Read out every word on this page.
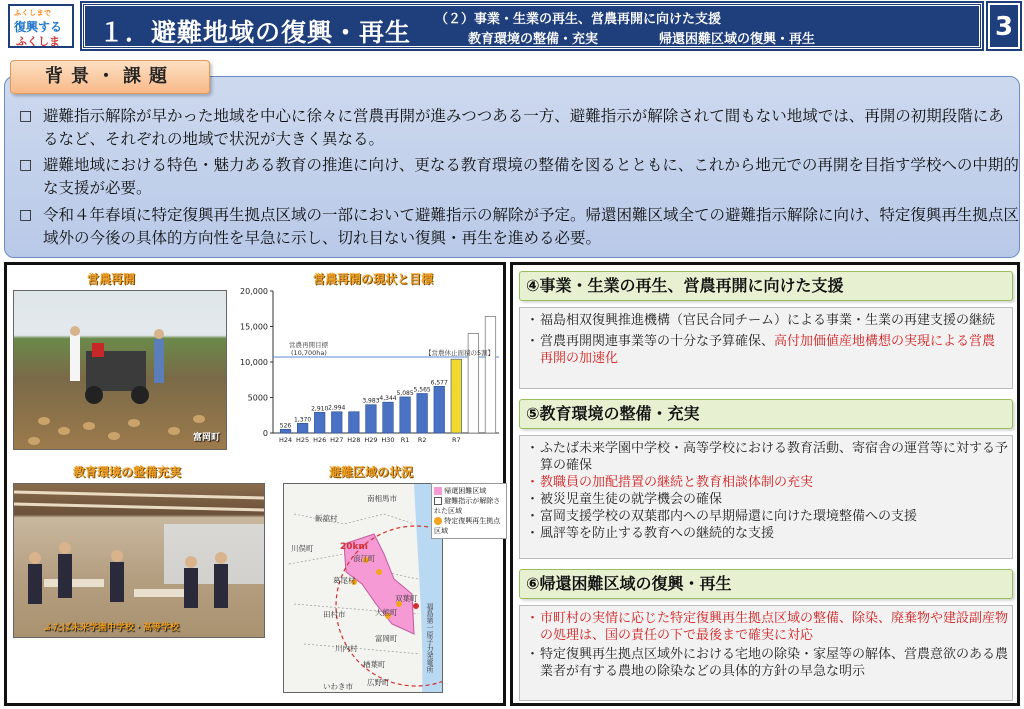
ふくしまで
復興する
ふくしま １．避難地域の復興・再生 （２）事業・生業の再生、営農再開に向けた支援
教育環境の整備・充実	帰還困難区域の復興・再生	3
□ 避難指示解除が早かった地域を中心に徐々に営農再開が進みつつある一方、避難指示が解除されて間もない地域では、再開の初期段階にあるなど、それぞれの地域で状況が大きく異なる。
□ 避難地域における特色・魅力ある教育の推進に向け、更なる教育環境の整備を図るとともに、これから地元での再開を目指す学校への中期的な支援が必要。
□ 令和４年春頃に特定復興再生拠点区域の一部において避難指示の解除が予定。帰還困難区域全ての避難指示解除に向け、特定復興再生拠点区域外の今後の具体的方向性を早急に示し、切れ目ない復興・再生を進める必要。
背景・課題
営農再開	営農再開の現状と目標
富岡町	0
5000
10,000
15,000
20,000
営農再開目標
(10,700ha)	【営農休止面積の5割】
526
H24
1,370
H25
2,910
H26
2,994
H27 H28
3,983
H29
4,344
H30
5,085
R1
5,565
R2
6,577
R7
教育環境の整備充実	避難区域の状況
ふたば未来学園中学校・高等学校
20km
帰還困難区域
避難指示が解除された区域
特定復興再生拠点区域
南相馬市
飯舘村
葛尾村
浪江町
川俣町
田村市
双葉町
大熊町
富岡町
川内村
楢葉町
広野町
いわき市
福島第一原子力発電所
④事業・生業の再生、営農再開に向けた支援
・ 福島相双復興推進機構（官民合同チーム）による事業・生業の再建支援の継続
・ 営農再開関連事業等の十分な予算確保、高付加価値産地構想の実現による営農再開の加速化
⑤教育環境の整備・充実
・ ふたば未来学園中学校・高等学校における教育活動、寄宿舎の運営等に対する予算の確保
・ 教職員の加配措置の継続と教育相談体制の充実
・ 被災児童生徒の就学機会の確保
・ 富岡支援学校の双葉郡内への早期帰還に向けた環境整備への支援
・ 風評等を防止する教育への継続的な支援
⑥帰還困難区域の復興・再生
・ 市町村の実情に応じた特定復興再生拠点区域の整備、除染、廃棄物や建設副産物の処理は、国の責任の下で最後まで確実に対応
・ 特定復興再生拠点区域外における宅地の除染・家屋等の解体、営農意欲のある農業者が有する農地の除染などの具体的方針の早急な明示
